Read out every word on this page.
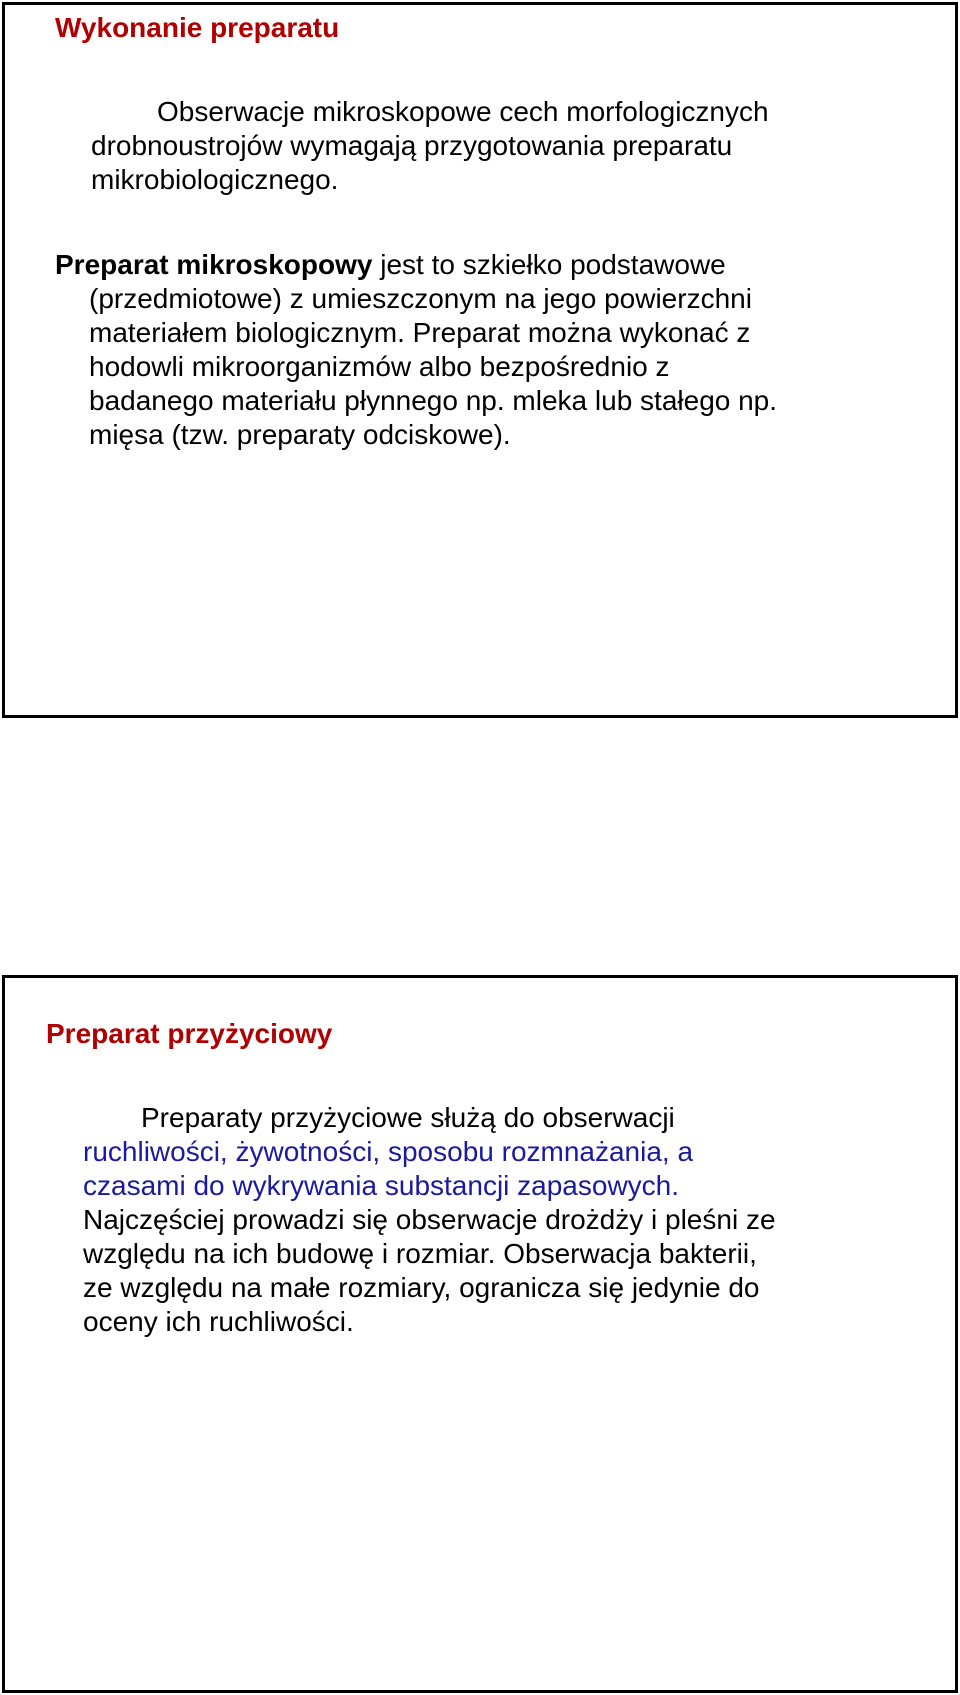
Wykonanie preparatu

Obserwacje mikroskopowe cech morfologicznych
drobnoustrojów wymagają przygotowania preparatu
mikrobiologicznego.

Preparat mikroskopowy jest to szkiełko podstawowe
(przedmiotowe) z umieszczonym na jego powierzchni
materiałem biologicznym. Preparat można wykonać z
hodowli mikroorganizmów albo bezpośrednio z
badanego materiału płynnego np. mleka lub stałego np.
mięsa (tzw. preparaty odciskowe).

Preparat przyżyciowy

Preparaty przyżyciowe służą do obserwacji
ruchliwości, żywotności, sposobu rozmnażania, a
czasami do wykrywania substancji zapasowych.
Najczęściej prowadzi się obserwacje drożdży i pleśni ze
względu na ich budowę i rozmiar. Obserwacja bakterii,
ze względu na małe rozmiary, ogranicza się jedynie do
oceny ich ruchliwości.
